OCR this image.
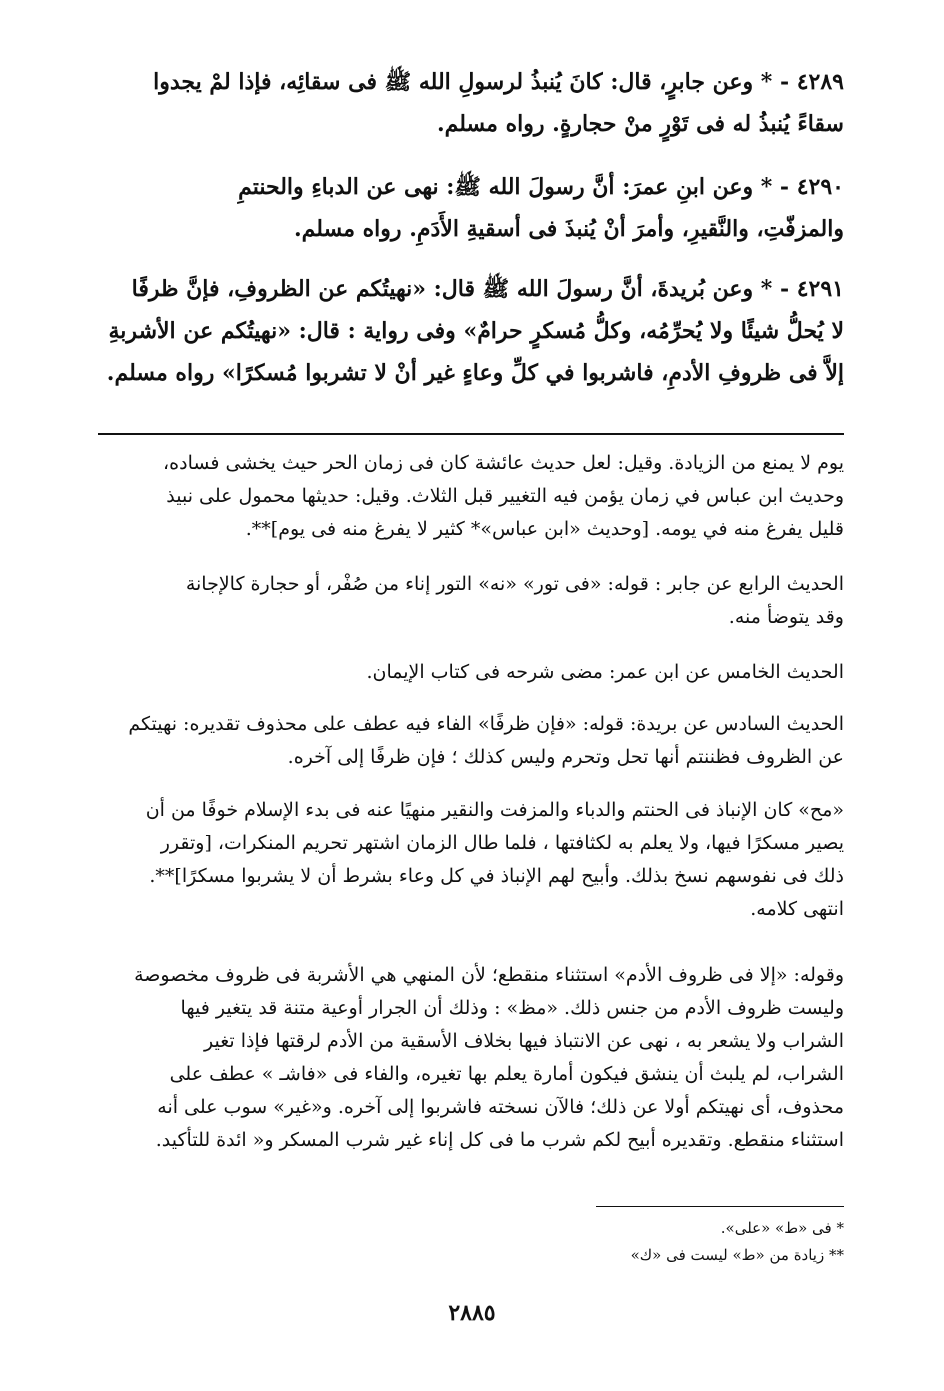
٤٢٨٩ - * وعن جابرٍ، قال: كانَ يُنبذُ لرسولِ الله ﷺ فى سقائِه، فإذا لمْ يجدوا
سقاءً يُنبذُ له فى تَوْرٍ منْ حجارةٍ. رواه مسلم.
٤٢٩٠ - * وعن ابنِ عمرَ: أنَّ رسولَ الله ﷺ: نهى عن الدباءِ والحنتمِ
والمزفّتِ، والنَّقيرِ، وأمرَ أنْ يُنبذَ فى أسقيةِ الأَدَمِ. رواه مسلم.
٤٢٩١ - * وعن بُريدةَ، أنَّ رسولَ الله ﷺ قال: «نهيتُكم عن الظروفِ، فإنَّ ظرفًا
لا يُحلُّ شيئًا ولا يُحرِّمُه، وكلُّ مُسكرٍ حرامٌ» وفى رواية : قال: «نهيتُكم عن الأشربةِ
إلاَّ فى ظروفِ الأدمِ، فاشربوا في كلِّ وعاءٍ غير أنْ لا تشربوا مُسكرًا» رواه مسلم.
يوم لا يمنع من الزيادة. وقيل: لعل حديث عائشة كان فى زمان الحر حيث يخشى فساده،
وحديث ابن عباس في زمان يؤمن فيه التغيير قبل الثلاث. وقيل: حديثها محمول على نبيذ
قليل يفرغ منه في يومه. [وحديث «ابن عباس»* كثير لا يفرغ منه فى يوم]**.
الحديث الرابع عن جابر : قوله: «فى تور» «نه» التور إناء من صُفْر، أو حجارة كالإجانة
وقد يتوضأ منه.
الحديث الخامس عن ابن عمر: مضى شرحه فى كتاب الإيمان.
الحديث السادس عن بريدة: قوله: «فإن ظرفًا» الفاء فيه عطف على محذوف تقديره: نهيتكم
عن الظروف فظننتم أنها تحل وتحرم وليس كذلك ؛ فإن ظرفًا إلى آخره.
«مح» كان الإنباذ فى الحنتم والدباء والمزفت والنقير منهيًا عنه فى بدء الإسلام خوفًا من أن
يصير مسكرًا فيها، ولا يعلم به لكثافتها ، فلما طال الزمان اشتهر تحريم المنكرات، [وتقرر
ذلك فى نفوسهم نسخ بذلك. وأبيح لهم الإنباذ في كل وعاء بشرط أن لا يشربوا مسكرًا]**.
انتهى كلامه.
وقوله: «إلا فى ظروف الأدم» استثناء منقطع؛ لأن المنهي هي الأشربة فى ظروف مخصوصة
وليست ظروف الأدم من جنس ذلك. «مظ» : وذلك أن الجرار أوعية متنة قد يتغير فيها
الشراب ولا يشعر به ، نهى عن الانتباذ فيها بخلاف الأسقية من الأدم لرقتها فإذا تغير
الشراب، لم يلبث أن ينشق فيكون أمارة يعلم بها تغيره، والفاء فى «فاشـ » عطف على
محذوف، أى نهيتكم أولا عن ذلك؛ فالآن نسخته فاشربوا إلى آخره. و«غير» سوب على أنه
استثناء منقطع. وتقديره أبيح لكم شرب ما فى كل إناء غير شرب المسكر و« ائدة للتأكيد.
* فى «ط» «على».
** زيادة من «ط» ليست فى «ك»
٢٨٨٥
